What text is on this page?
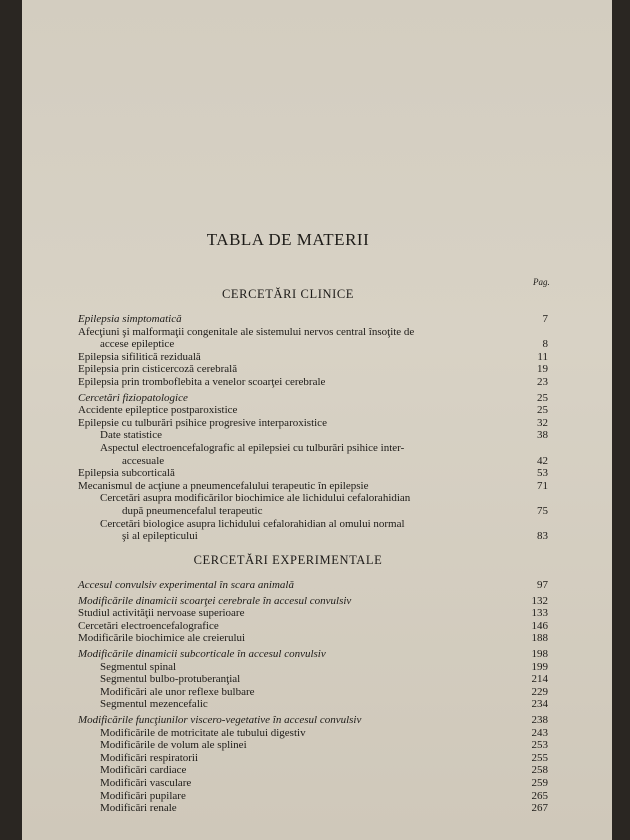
TABLA DE MATERII
Pag.
CERCETĂRI CLINICE
Epilepsia simptomatică	7
Afecţiuni şi malformaţii congenitale ale sistemului nervos central însoţite de
accese epileptice	8
Epilepsia sifilitică reziduală	11
Epilepsia prin cisticercoză cerebrală	19
Epilepsia prin tromboflebita a venelor scoarţei cerebrale	23
Cercetări fiziopatologice	25
Accidente epileptice postparoxistice	25
Epilepsie cu tulburări psihice progresive interparoxistice	32
Date statistice	38
Aspectul electroencefalografic al epilepsiei cu tulburări psihice inter-
accesuale	42
Epilepsia subcorticală	53
Mecanismul de acţiune a pneumencefalului terapeutic în epilepsie	71
Cercetări asupra modificărilor biochimice ale lichidului cefalorahidian
după pneumencefalul terapeutic	75
Cercetări biologice asupra lichidului cefalorahidian al omului normal
şi al epilepticului	83
CERCETĂRI EXPERIMENTALE
Accesul convulsiv experimental în scara animală	97
Modificările dinamicii scoarţei cerebrale în accesul convulsiv	132
Studiul activităţii nervoase superioare	133
Cercetări electroencefalografice	146
Modificările biochimice ale creierului	188
Modificările dinamicii subcorticale în accesul convulsiv	198
Segmentul spinal	199
Segmentul bulbo-protuberanţial	214
Modificări ale unor reflexe bulbare	229
Segmentul mezencefalic	234
Modificările funcţiunilor viscero-vegetative în accesul convulsiv	238
Modificările de motricitate ale tubului digestiv	243
Modificările de volum ale splinei	253
Modificări respiratorii	255
Modificări cardiace	258
Modificări vasculare	259
Modificări pupilare	265
Modificări renale	267
